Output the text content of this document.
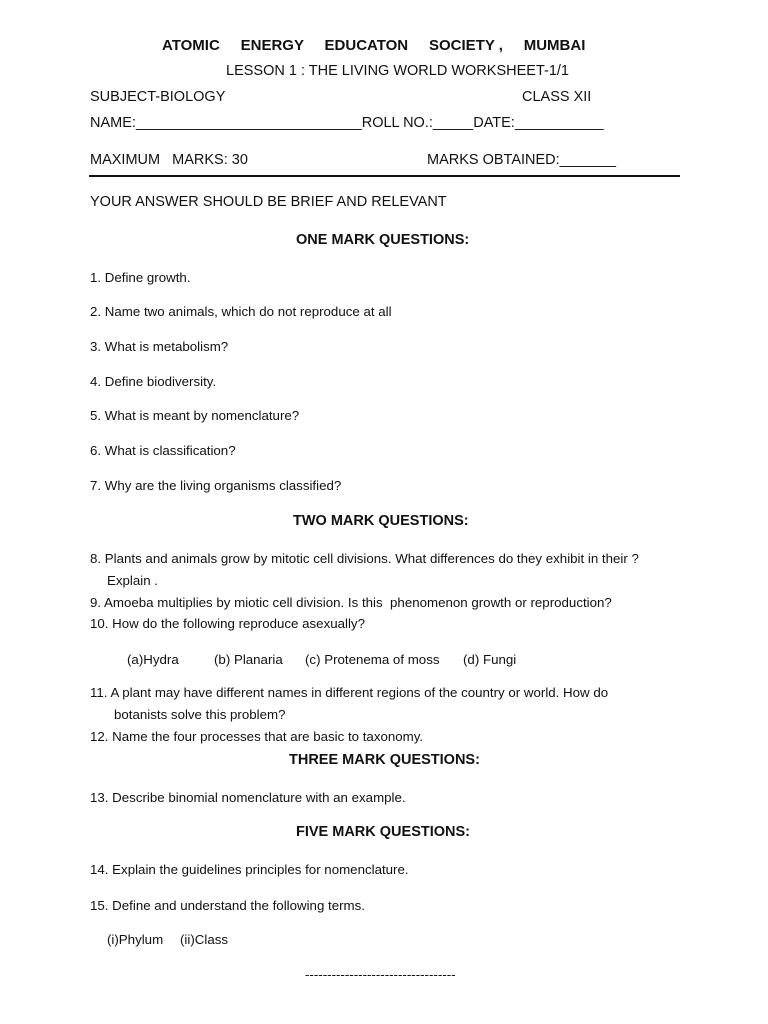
ATOMIC     ENERGY     EDUCATON     SOCIETY ,     MUMBAI
LESSON 1 : THE LIVING WORLD WORKSHEET-1/1
SUBJECT-BIOLOGY	CLASS XII
NAME:____________________________ROLL NO.:_____DATE:___________
MAXIMUM   MARKS: 30	MARKS OBTAINED:_______
YOUR ANSWER SHOULD BE BRIEF AND RELEVANT
ONE MARK QUESTIONS:
1. Define growth.
2. Name two animals, which do not reproduce at all
3. What is metabolism?
4. Define biodiversity.
5. What is meant by nomenclature?
6. What is classification?
7. Why are the living organisms classified?
TWO MARK QUESTIONS:
8. Plants and animals grow by mitotic cell divisions. What differences do they exhibit in their ?
Explain .
9. Amoeba multiplies by miotic cell division. Is this  phenomenon growth or reproduction?
10. How do the following reproduce asexually?
(a)Hydra	(b) Planaria (c) Protenema of moss (d) Fungi
11. A plant may have different names in different regions of the country or world. How do
botanists solve this problem?
12. Name the four processes that are basic to taxonomy.
THREE MARK QUESTIONS:
13. Describe binomial nomenclature with an example.
FIVE MARK QUESTIONS:
14. Explain the guidelines principles for nomenclature.
15. Define and understand the following terms.
(i)Phylum (ii)Class
----------------------------------
